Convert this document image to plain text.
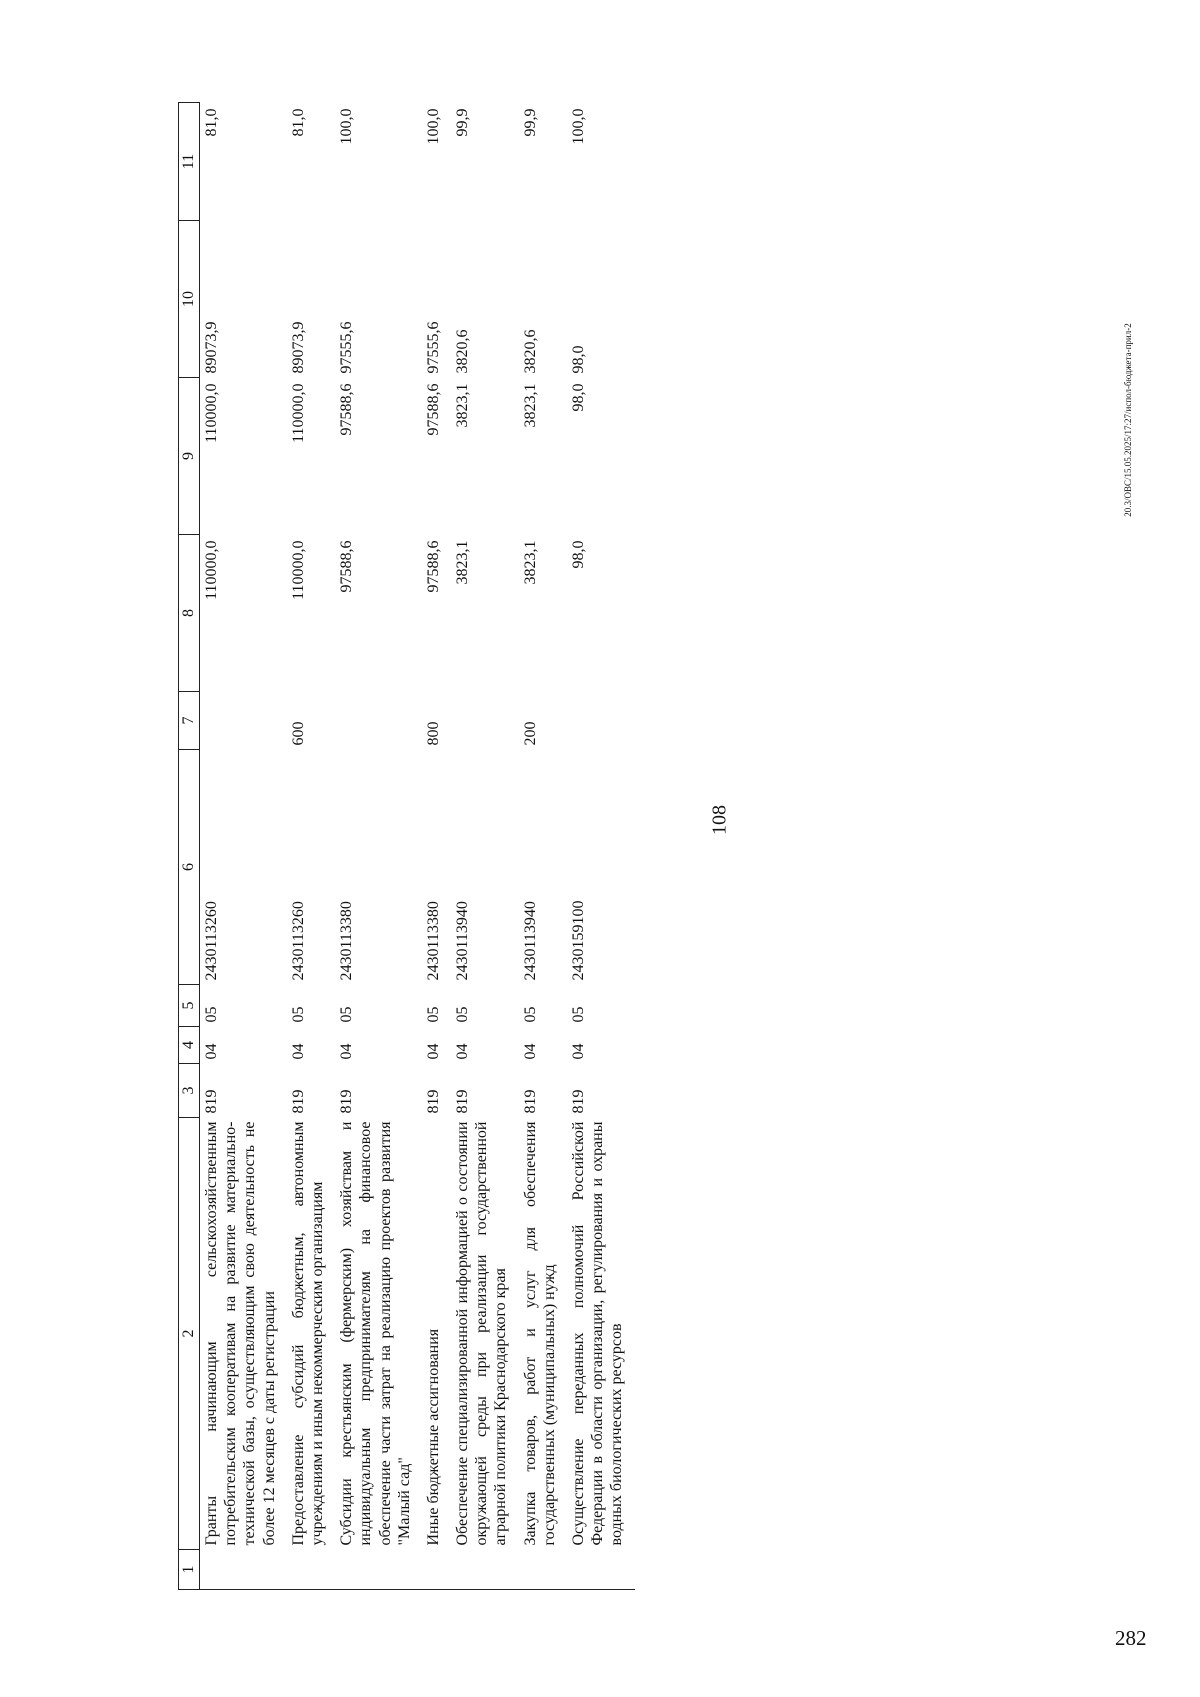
108
20.3/ОВС/15.05.2025/17:27/испол-бюджета-прил-2
282
1	2	3	4	5	6	7	8	9	10	11
	Гранты начинающим сельскохозяйственным потребительским кооперативам на развитие материально-технической базы, осуществляющим свою деятельность не более 12 месяцев с даты регистрации	819	04	05	2430113260		110000,0	110000,0	89073,9	81,0
	Предоставление субсидий бюджетным, автономным учреждениям и иным некоммерческим организациям	819	04	05	2430113260	600	110000,0	110000,0	89073,9	81,0
	Субсидии крестьянским (фермерским) хозяйствам и индивидуальным предпринимателям на финансовое обеспечение части затрат на реализацию проектов развития "Малый сад"	819	04	05	2430113380		97588,6	97588,6	97555,6	100,0
	Иные бюджетные ассигнования	819	04	05	2430113380	800	97588,6	97588,6	97555,6	100,0
	Обеспечение специализированной информацией о состоянии окружающей среды при реализации государственной аграрной политики Краснодарского края	819	04	05	2430113940		3823,1	3823,1	3820,6	99,9
	Закупка товаров, работ и услуг для обеспечения государственных (муниципальных) нужд	819	04	05	2430113940	200	3823,1	3823,1	3820,6	99,9
	Осуществление переданных полномочий Российской Федерации в области организации, регулирования и охраны водных биологических ресурсов	819	04	05	2430159100		98,0	98,0	98,0	100,0
